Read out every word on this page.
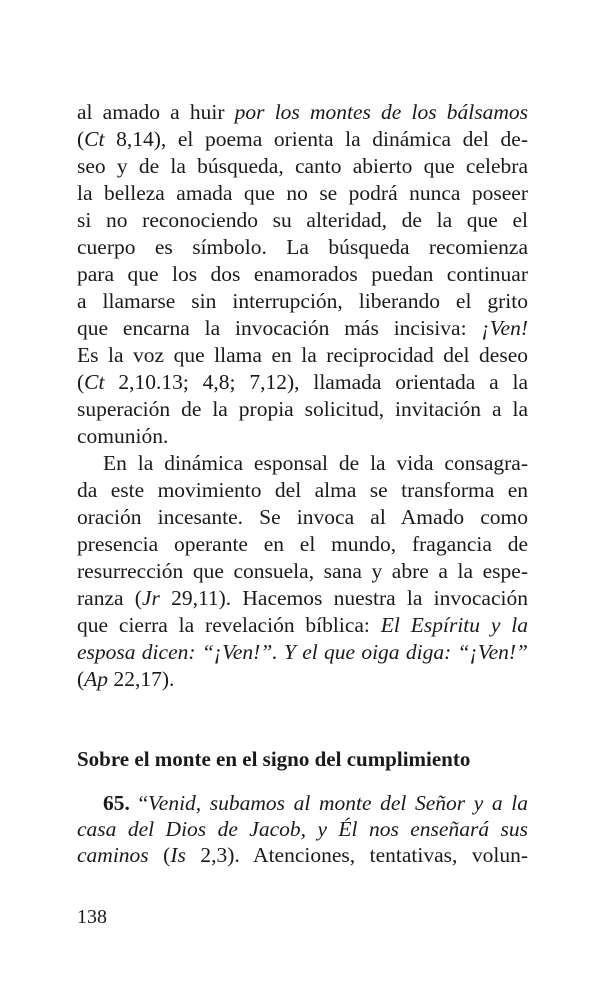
al amado a huir por los montes de los bálsamos
(Ct 8,14), el poema orienta la dinámica del de-
seo y de la búsqueda, canto abierto que celebra
la belleza amada que no se podrá nunca poseer
si no reconociendo su alteridad, de la que el
cuerpo es símbolo. La búsqueda recomienza
para que los dos enamorados puedan continuar
a llamarse sin interrupción, liberando el grito
que encarna la invocación más incisiva: ¡Ven!
Es la voz que llama en la reciprocidad del deseo
(Ct 2,10.13; 4,8; 7,12), llamada orientada a la
superación de la propia solicitud, invitación a la
comunión.
En la dinámica esponsal de la vida consagra-
da este movimiento del alma se transforma en
oración incesante. Se invoca al Amado como
presencia operante en el mundo, fragancia de
resurrección que consuela, sana y abre a la espe-
ranza (Jr 29,11). Hacemos nuestra la invocación
que cierra la revelación bíblica: El Espíritu y la
esposa dicen: “¡Ven!”. Y el que oiga diga: “¡Ven!”
(Ap 22,17).
Sobre el monte en el signo del cumplimiento
65. “Venid, subamos al monte del Señor y a la
casa del Dios de Jacob, y Él nos enseñará sus
caminos (Is 2,3). Atenciones, tentativas, volun-
138
